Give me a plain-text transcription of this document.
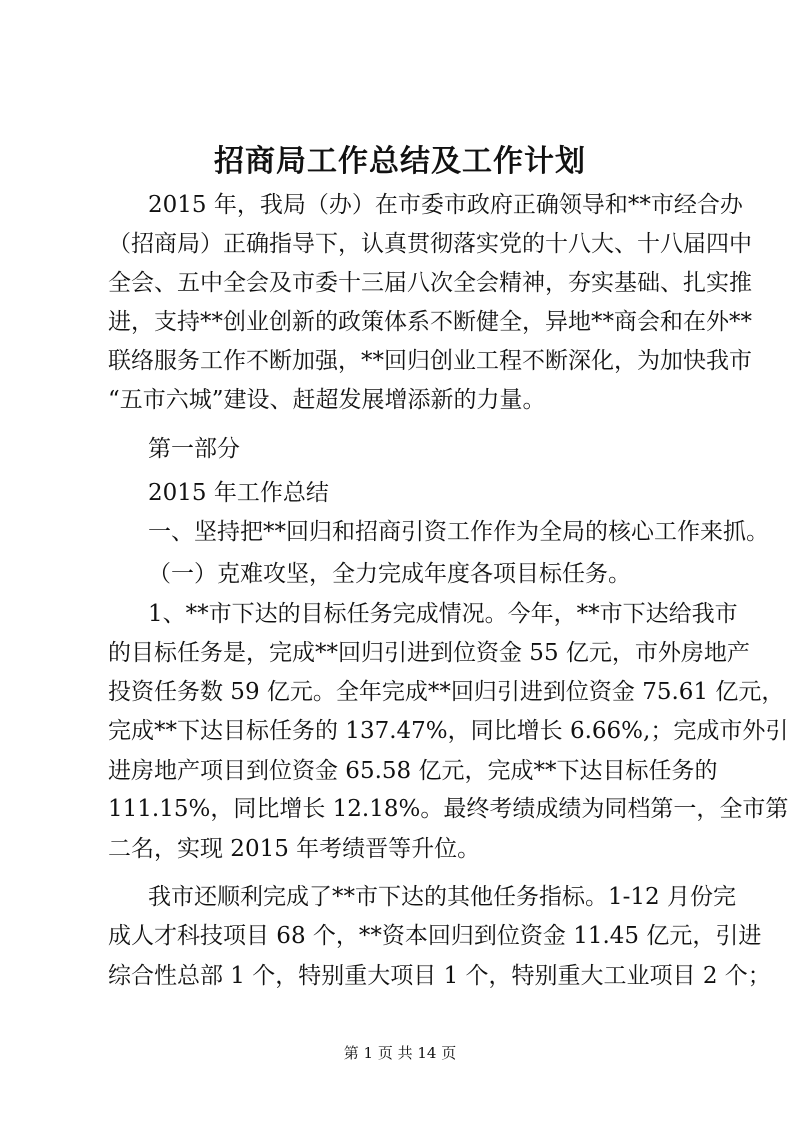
招商局工作总结及工作计划
2015 年，我局（办）在市委市政府正确领导和**市经合办
（招商局）正确指导下，认真贯彻落实党的十八大、十八届四中
全会、五中全会及市委十三届八次全会精神，夯实基础、扎实推
进，支持**创业创新的政策体系不断健全，异地**商会和在外**
联络服务工作不断加强，**回归创业工程不断深化，为加快我市
“五市六城”建设、赶超发展增添新的力量。
第一部分
2015 年工作总结
一、坚持把**回归和招商引资工作作为全局的核心工作来抓。
（一）克难攻坚，全力完成年度各项目标任务。
1、**市下达的目标任务完成情况。今年，**市下达给我市
的目标任务是，完成**回归引进到位资金 55 亿元，市外房地产
投资任务数 59 亿元。全年完成**回归引进到位资金 75.61 亿元，
完成**下达目标任务的 137.47%，同比增长 6.66%,；完成市外引
进房地产项目到位资金 65.58 亿元，完成**下达目标任务的
111.15%，同比增长 12.18%。最终考绩成绩为同档第一，全市第
二名，实现 2015 年考绩晋等升位。
我市还顺利完成了**市下达的其他任务指标。1-12 月份完
成人才科技项目 68 个，**资本回归到位资金 11.45 亿元，引进
综合性总部 1 个，特别重大项目 1 个，特别重大工业项目 2 个；
第 1 页 共 14 页
